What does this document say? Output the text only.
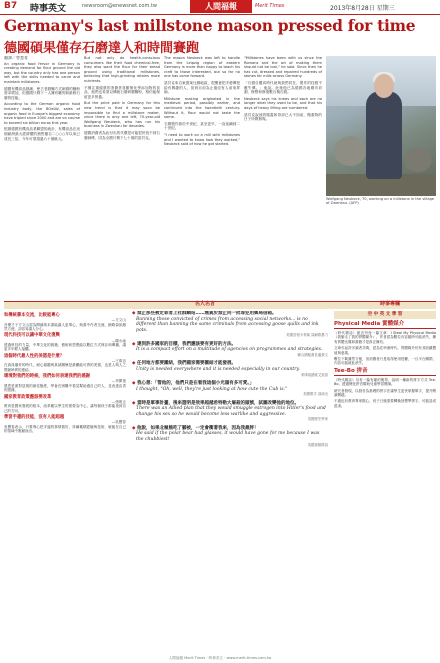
B7 時事英文	newsroom@enewsnet.com.tw	人間福報	Merit Times	2013年8月28日 星期三
Germany's last millstone mason pressed for time
德國碩果僅存石磨達人和時間賽跑
翻譯／曾慧菁

An organic food fervor in Germany is creating demand for flour ground the old way, but the country only has one person left with the skills needed to carve and maintain millstones.

德國有機食品熱潮，使古老磨麵方式研磨的麵粉需求增加，但德國只剩下一人擁有雕刻和維修石磨的技能。

According to the German organic food industry body, the BOeLW, sales of organic food in Europe's biggest economy have tripled since 2000 and are on course to exceed six billion euros this year.

根據德國有機食品業聯盟的統計，有機食品在這個歐洲最大經濟體的銷售額自二○○○年以來已成長三倍，今年可望超過六十億歐元。

But not only do health-conscious consumers like their food chemical-free, they also want the flour for their bread ground using traditional millstones, believing that high-grinding retains more nutrients.

不僅注重健康的消費者喜歡無化學添加物的食品，他們也希望以傳統石磨研磨麵粉，相信能保留更多營養。

But the price paid in Germany for this new trend is that it may soon be impossible to find a millstone maker, since there is only one left, 70-year-old Wolfgang Neubeck, who has run his business in Zwenkau for decades.

德國消費者為此付出的代價是可能很快找不到石磨師傅，因為全國只剩下七十歲的諾貝克。

The mason Neubeck was left to handle from the Leipzig region of eastern Germany is more than happy to teach his craft to those interested, but so far no one has come forward.

諾貝克來自東德萊比錫地區，很樂意把手藝傳授給有興趣的人，但到目前為止還沒有人前來拜師。

Millstone making originated in the medieval period, possibly earlier, and continued into the twentieth century. Without it, flour would not taste the same.

石磨製作源於中世紀，甚至更早，一直延續到二十世紀。

"I need to work on a mill with millstones and I wanted to know how they worked," Neubeck said of how he got started.

"Millstones have been with us since the Romans and the art of making them should not be lost," he said. Since then he has cut, dressed and repaired hundreds of stones for mills across Germany.

「石磨自羅馬時代就與我們同在，製作的技藝不應失傳。」他說。此後他已為德國各地磨坊切割、修整和修復數百塊石磨。

Neubeck says his knees and back are no longer what they used to be, and that his days of heavy lifting are numbered.

諾貝克說他的膝蓋和背部已大不如前，搬重物的日子所剩無幾。

Wolfgang Neubeck, 70, working on a millstone in the village of Zwenkau. (AFP)
名人名言	時事專欄
和傳統書本交流，比較能專心
—方文山

音樂才子方文山認為閱讀紙本書能讓人更專心，與書中作者交流，網路資訊雖然方便，卻容易讓人分心。

現代科技可以讓中華文化復興
—陳水扁

透過科技的力量，中華文化的典籍、藝術和思想能以數位方式保存和傳播，讓更多年輕人接觸。

這個時代最人性的美德是什麼？
—王偉忠

在資訊爆炸的時代，耐心傾聽與真誠關懷是最難能可貴的美德，也是人與人之間最珍貴的連結。

壞境對我們的時候，我們如何表達我們的感謝
—李開復

感恩是面對逆境的最佳態度，學會在困難中看見幫助過自己的人，並表達由衷的感謝。

國家教育政策應該要改革
—張明正

教育是國家發展的根本，改革應以學生的需要為中心，讓每個孩子都能找到自己的方向。

學習手邊的技能，沒有人能超越
—吳寶春

吳寶春表示，只要專心把手邊的事情做好，持續累積經驗與技術，就能在自己的領域中脫穎而出。

◆ 禁止那些被定罪者上社群網站……無異於禁止同一批罪犯用郵局信箱。
Banning those convicted of crimes from accessing social networks... is no different than banning the same criminals from accessing goose quills and ink pots.
英國首相卡麥隆 談網路暴力
◆ 達到許多國家的目標，我們應該要有更好的方法。
It is a compact effort on a multitude of agencies on programmes and strategies.
聯合國秘書長潘基文
◆ 任何地方都要團結，我們國家需要團結才能發展。
Unity is needed everywhere and it is needed especially in our country.
菲律賓總統艾奎諾
◆ 我心想：「管他的，他們只是在看我這個小光頭有多可愛。」
I thought, "Oh, well, they're just looking at how cute the Cub is."
美國歌手 談演出
◆ 當時是軍事計畫，後來證明是效果超越希特勒大屠殺的頭號，試圖改變他的地位。
There was an Allied plan that they would smuggle estrogen into Hitler's food and change his sex so he would become less warlike and aggressive.
英國歷史學家
◆ 他說，如果北極熊吃了腳被，一定會衝著我來，因為我最胖！
He said if the polar bear had glasses, it would have gone for me because I was the chubbiest!
英國探險隊員
空 中 英 文 學 習
Physical Media 實體媒介

《時代雜誌》最近刊登一篇文章：I Steal My Physical Media（我偷走了我的實體媒介），作者認為數位內容隨時可能消失，擁有實體光碟和書籍才是真正擁有。

文章引起許多讀者共鳴，認為在串流時代，實體媒介仍有其收藏價值與意義。

數位下載雖然方便，但消費者只是取得使用授權，一旦平台關閉，內容可能就此消失。

Tee-Bo 拼音

《時代雜誌》另有一篇有趣的報導，說明一種新的拼字方式 Tee-Bo，透過簡化拼音幫助兒童學習閱讀。

研究者發現，以發音為基礎的拼字法讓學生更快掌握單字，提升閱讀興趣。

不過也有教育專家擔心，孩子日後需要轉換回標準拼字，可能造成混淆。

人間福報 Merit Times ‧ 時事英文 ‧ www.merit-times.com.tw
